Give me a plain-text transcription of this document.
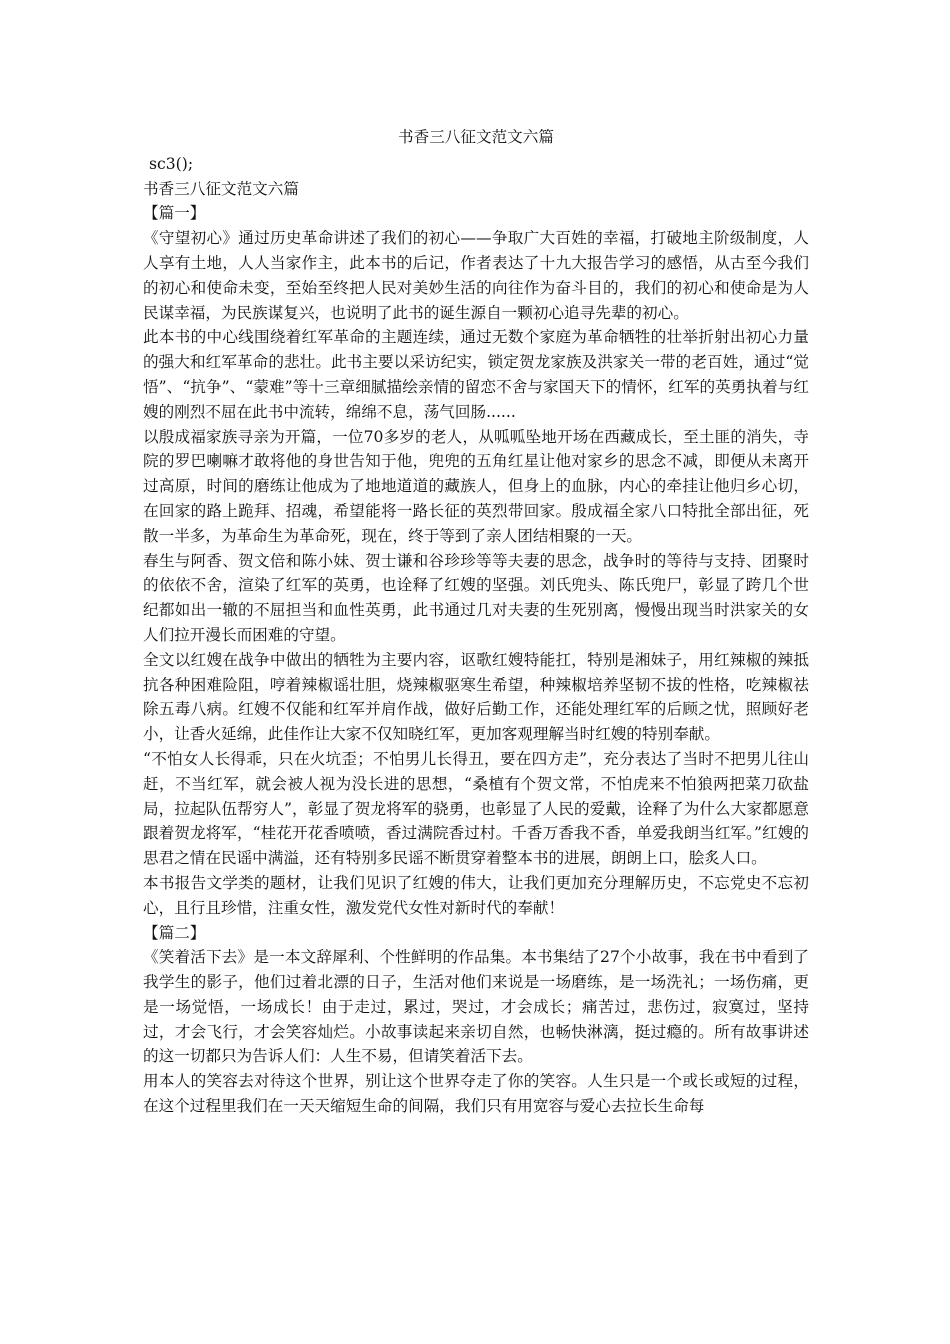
书香三八征文范文六篇
sc3();
书香三八征文范文六篇
【篇一】
《守望初心》通过历史革命讲述了我们的初心——争取广大百姓的幸福，打破地主阶级制度，人人享有土地，人人当家作主，此本书的后记，作者表达了十九大报告学习的感悟，从古至今我们的初心和使命未变，至始至终把人民对美妙生活的向往作为奋斗目的，我们的初心和使命是为人民谋幸福，为民族谋复兴，也说明了此书的诞生源自一颗初心追寻先辈的初心。
此本书的中心线围绕着红军革命的主题连续，通过无数个家庭为革命牺牲的壮举折射出初心力量的强大和红军革命的悲壮。此书主要以采访纪实，锁定贺龙家族及洪家关一带的老百姓，通过“觉悟”、“抗争”、“蒙难”等十三章细腻描绘亲情的留恋不舍与家国天下的情怀，红军的英勇执着与红嫂的刚烈不屈在此书中流转，绵绵不息，荡气回肠......
以殷成福家族寻亲为开篇，一位70多岁的老人，从呱呱坠地开场在西藏成长，至土匪的消失，寺院的罗巴喇嘛才敢将他的身世告知于他，兜兜的五角红星让他对家乡的思念不减，即便从未离开过高原，时间的磨练让他成为了地地道道的藏族人，但身上的血脉，内心的牵挂让他归乡心切，在回家的路上跪拜、招魂，希望能将一路长征的英烈带回家。殷成福全家八口特批全部出征，死散一半多，为革命生为革命死，现在，终于等到了亲人团结相聚的一天。
春生与阿香、贺文倍和陈小妹、贺士谦和谷珍珍等等夫妻的思念，战争时的等待与支持、团聚时的依依不舍，渲染了红军的英勇，也诠释了红嫂的坚强。刘氏兜头、陈氏兜尸，彰显了跨几个世纪都如出一辙的不屈担当和血性英勇，此书通过几对夫妻的生死别离，慢慢出现当时洪家关的女人们拉开漫长而困难的守望。
全文以红嫂在战争中做出的牺牲为主要内容，讴歌红嫂特能扛，特别是湘妹子，用红辣椒的辣抵抗各种困难险阻，哼着辣椒谣壮胆，烧辣椒驱寒生希望，种辣椒培养坚韧不拔的性格，吃辣椒祛除五毒八病。红嫂不仅能和红军并肩作战，做好后勤工作，还能处理红军的后顾之忧，照顾好老小，让香火延绵，此佳作让大家不仅知晓红军，更加客观理解当时红嫂的特别奉献。
“不怕女人长得乖，只在火坑歪；不怕男儿长得丑，要在四方走”，充分表达了当时不把男儿往山赶，不当红军，就会被人视为没长进的思想，“桑植有个贺文常，不怕虎来不怕狼两把菜刀砍盐局，拉起队伍帮穷人”，彰显了贺龙将军的骁勇，也彰显了人民的爱戴，诠释了为什么大家都愿意跟着贺龙将军，“桂花开花香喷喷，香过满院香过村。千香万香我不香，单爱我朗当红军。”红嫂的思君之情在民谣中满溢，还有特别多民谣不断贯穿着整本书的进展，朗朗上口，脍炙人口。
本书报告文学类的题材，让我们见识了红嫂的伟大，让我们更加充分理解历史，不忘党史不忘初心，且行且珍惜，注重女性，激发党代女性对新时代的奉献！
【篇二】
《笑着活下去》是一本文辞犀利、个性鲜明的作品集。本书集结了27个小故事，我在书中看到了我学生的影子，他们过着北漂的日子，生活对他们来说是一场磨练，是一场洗礼；一场伤痛，更是一场觉悟，一场成长！由于走过，累过，哭过，才会成长；痛苦过，悲伤过，寂寞过，坚持过，才会飞行，才会笑容灿烂。小故事读起来亲切自然，也畅快淋漓，挺过瘾的。所有故事讲述的这一切都只为告诉人们：人生不易，但请笑着活下去。
用本人的笑容去对待这个世界，别让这个世界夺走了你的笑容。人生只是一个或长或短的过程，在这个过程里我们在一天天缩短生命的间隔，我们只有用宽容与爱心去拉长生命每
